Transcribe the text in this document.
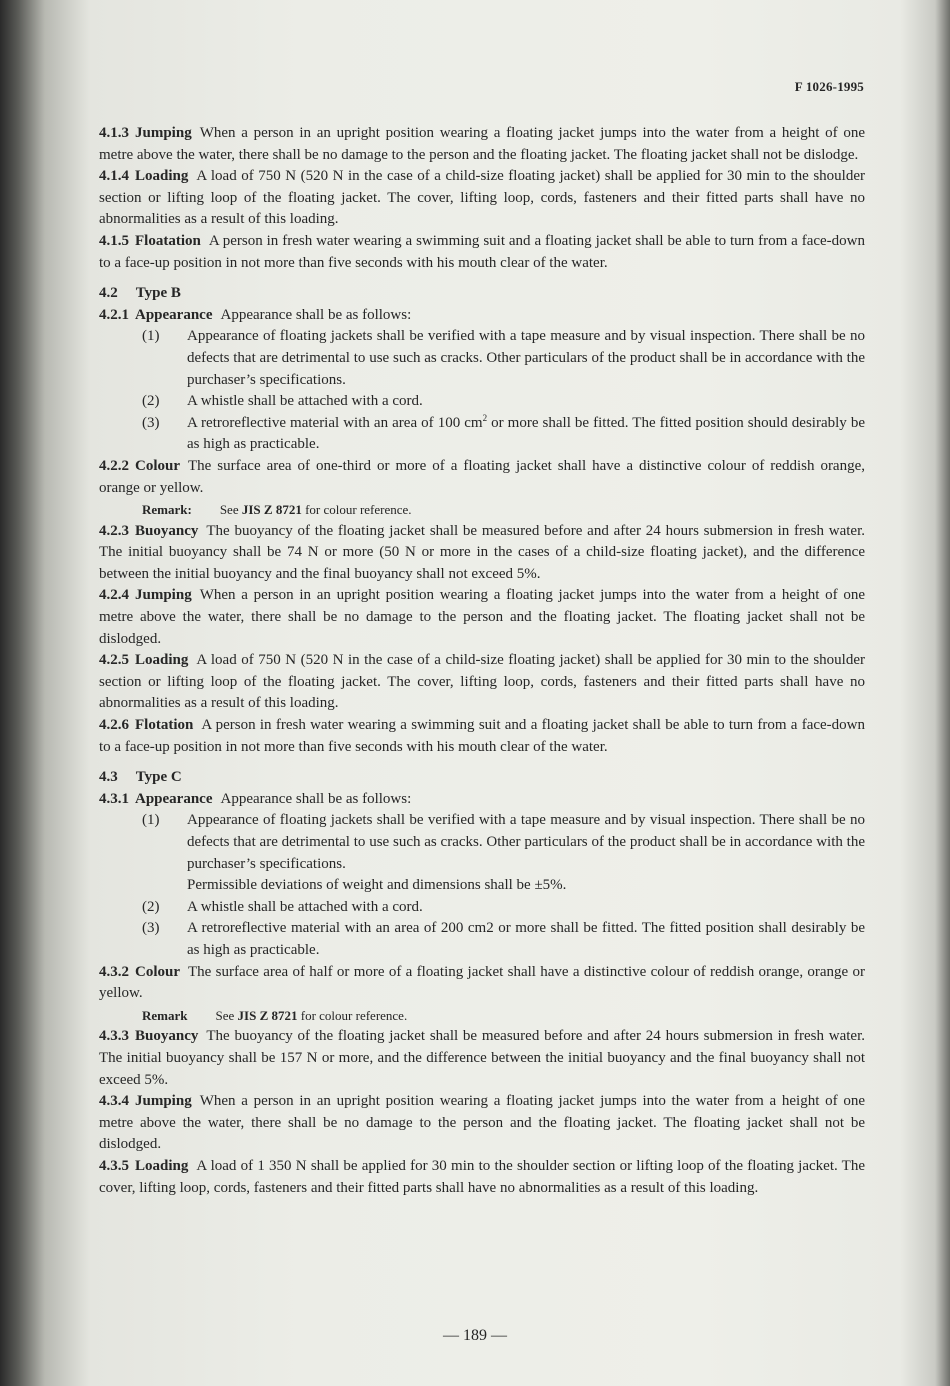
F 1026-1995

4.1.3 Jumping When a person in an upright position wearing a floating jacket jumps into the water from a height of one metre above the water, there shall be no damage to the person and the floating jacket. The floating jacket shall not be dislodge.

4.1.4 Loading A load of 750 N (520 N in the case of a child-size floating jacket) shall be applied for 30 min to the shoulder section or lifting loop of the floating jacket. The cover, lifting loop, cords, fasteners and their fitted parts shall have no abnormalities as a result of this loading.

4.1.5 Floatation A person in fresh water wearing a swimming suit and a floating jacket shall be able to turn from a face-down to a face-up position in not more than five seconds with his mouth clear of the water.

4.2 Type B

4.2.1 Appearance Appearance shall be as follows:

(1)	Appearance of floating jackets shall be verified with a tape measure and by visual inspection. There shall be no defects that are detrimental to use such as cracks. Other particulars of the product shall be in accordance with the purchaser’s specifications.
(2)	A whistle shall be attached with a cord.
(3)	A retroreflective material with an area of 100 $cm^2$ or more shall be fitted. The fitted position should desirably be as high as practicable.

4.2.2 Colour The surface area of one-third or more of a floating jacket shall have a distinctive colour of reddish orange, orange or yellow.

Remark: See JIS Z 8721 for colour reference.

4.2.3 Buoyancy The buoyancy of the floating jacket shall be measured before and after 24 hours submersion in fresh water. The initial buoyancy shall be 74 N or more (50 N or more in the cases of a child-size floating jacket), and the difference between the initial buoyancy and the final buoyancy shall not exceed 5%.

4.2.4 Jumping When a person in an upright position wearing a floating jacket jumps into the water from a height of one metre above the water, there shall be no damage to the person and the floating jacket. The floating jacket shall not be dislodged.

4.2.5 Loading A load of 750 N (520 N in the case of a child-size floating jacket) shall be applied for 30 min to the shoulder section or lifting loop of the floating jacket. The cover, lifting loop, cords, fasteners and their fitted parts shall have no abnormalities as a result of this loading.

4.2.6 Flotation A person in fresh water wearing a swimming suit and a floating jacket shall be able to turn from a face-down to a face-up position in not more than five seconds with his mouth clear of the water.

4.3 Type C

4.3.1 Appearance Appearance shall be as follows:

(1)	Appearance of floating jackets shall be verified with a tape measure and by visual inspection. There shall be no defects that are detrimental to use such as cracks. Other particulars of the product shall be in accordance with the purchaser’s specifications.
Permissible deviations of weight and dimensions shall be ±5%.
(2)	A whistle shall be attached with a cord.
(3)	A retroreflective material with an area of 200 cm2 or more shall be fitted. The fitted position shall desirably be as high as practicable.

4.3.2 Colour The surface area of half or more of a floating jacket shall have a distinctive colour of reddish orange, orange or yellow.

Remark See JIS Z 8721 for colour reference.

4.3.3 Buoyancy The buoyancy of the floating jacket shall be measured before and after 24 hours submersion in fresh water. The initial buoyancy shall be 157 N or more, and the difference between the initial buoyancy and the final buoyancy shall not exceed 5%.

4.3.4 Jumping When a person in an upright position wearing a floating jacket jumps into the water from a height of one metre above the water, there shall be no damage to the person and the floating jacket. The floating jacket shall not be dislodged.

4.3.5 Loading A load of 1 350 N shall be applied for 30 min to the shoulder section or lifting loop of the floating jacket. The cover, lifting loop, cords, fasteners and their fitted parts shall have no abnormalities as a result of this loading.

— 189 —
